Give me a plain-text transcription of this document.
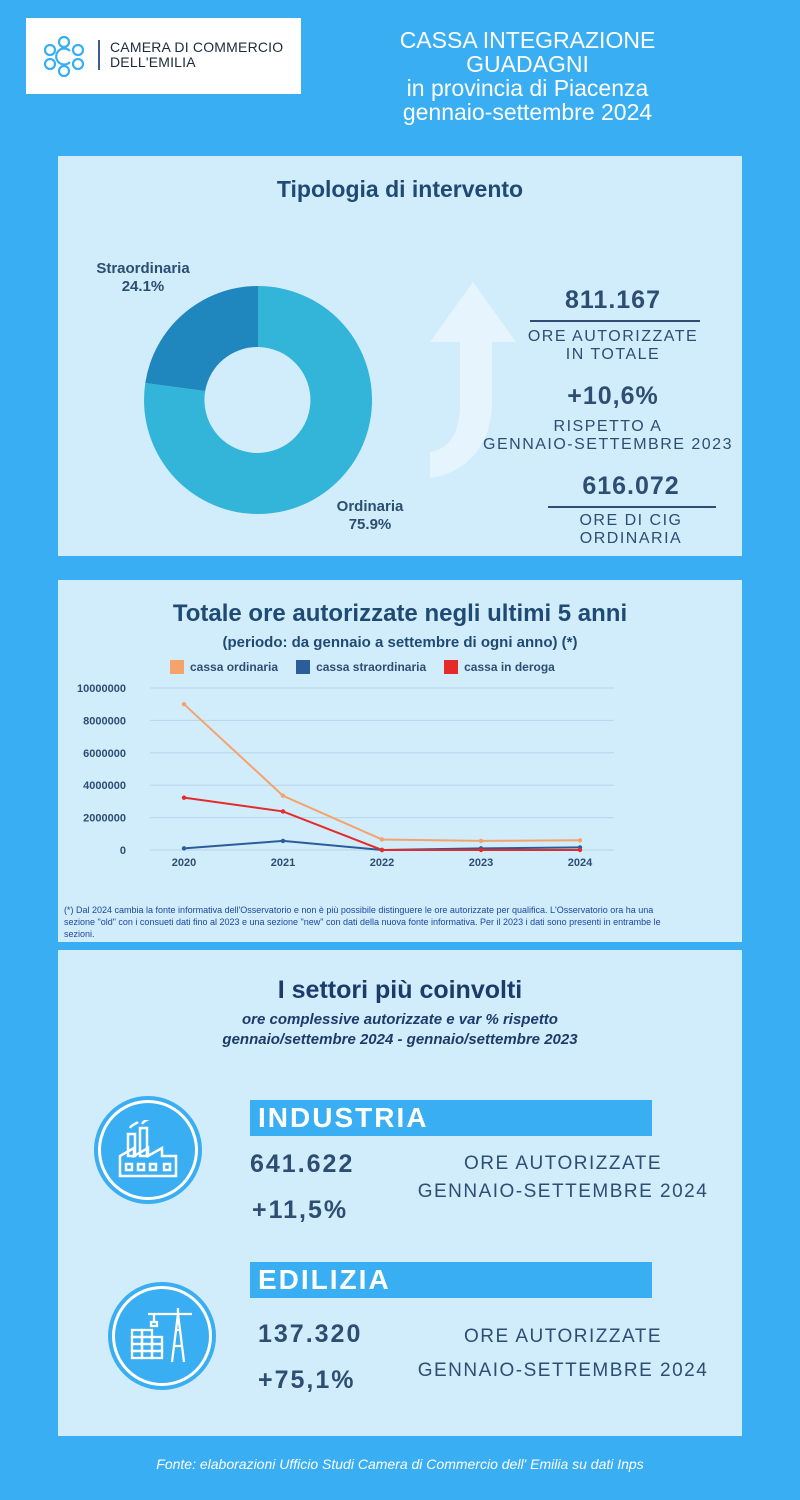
CAMERA DI COMMERCIO
DELL'EMILIA
CASSA INTEGRAZIONE
GUADAGNI
in provincia di Piacenza
gennaio-settembre 2024
Tipologia di intervento
Straordinaria
24.1%
Ordinaria
75.9%
811.167
ORE AUTORIZZATE
IN TOTALE
+10,6%
RISPETTO A
GENNAIO-SETTEMBRE 2023
616.072
ORE DI CIG
ORDINARIA
Totale ore autorizzate negli ultimi 5 anni
(periodo: da gennaio a settembre di ogni anno) (*)
cassa ordinaria	cassa straordinaria	cassa in deroga
0
2000000
4000000
6000000
8000000
10000000
2020	2021	2022	2023	2024
(*) Dal 2024 cambia la fonte informativa dell'Osservatorio e non è più possibile distinguere le ore autorizzate per qualifica. L'Osservatorio ora ha una sezione "old" con i consueti dati fino al 2023 e una sezione "new" con dati della nuova fonte informativa. Per il 2023 i dati sono presenti in entrambe le sezioni.
I settori più coinvolti
ore complessive autorizzate e var % rispetto
gennaio/settembre 2024 - gennaio/settembre 2023
INDUSTRIA
641.622
+11,5%
ORE AUTORIZZATE
GENNAIO-SETTEMBRE 2024
EDILIZIA
137.320
+75,1%
ORE AUTORIZZATE
GENNAIO-SETTEMBRE 2024
Fonte: elaborazioni Ufficio Studi Camera di Commercio dell' Emilia su dati Inps
